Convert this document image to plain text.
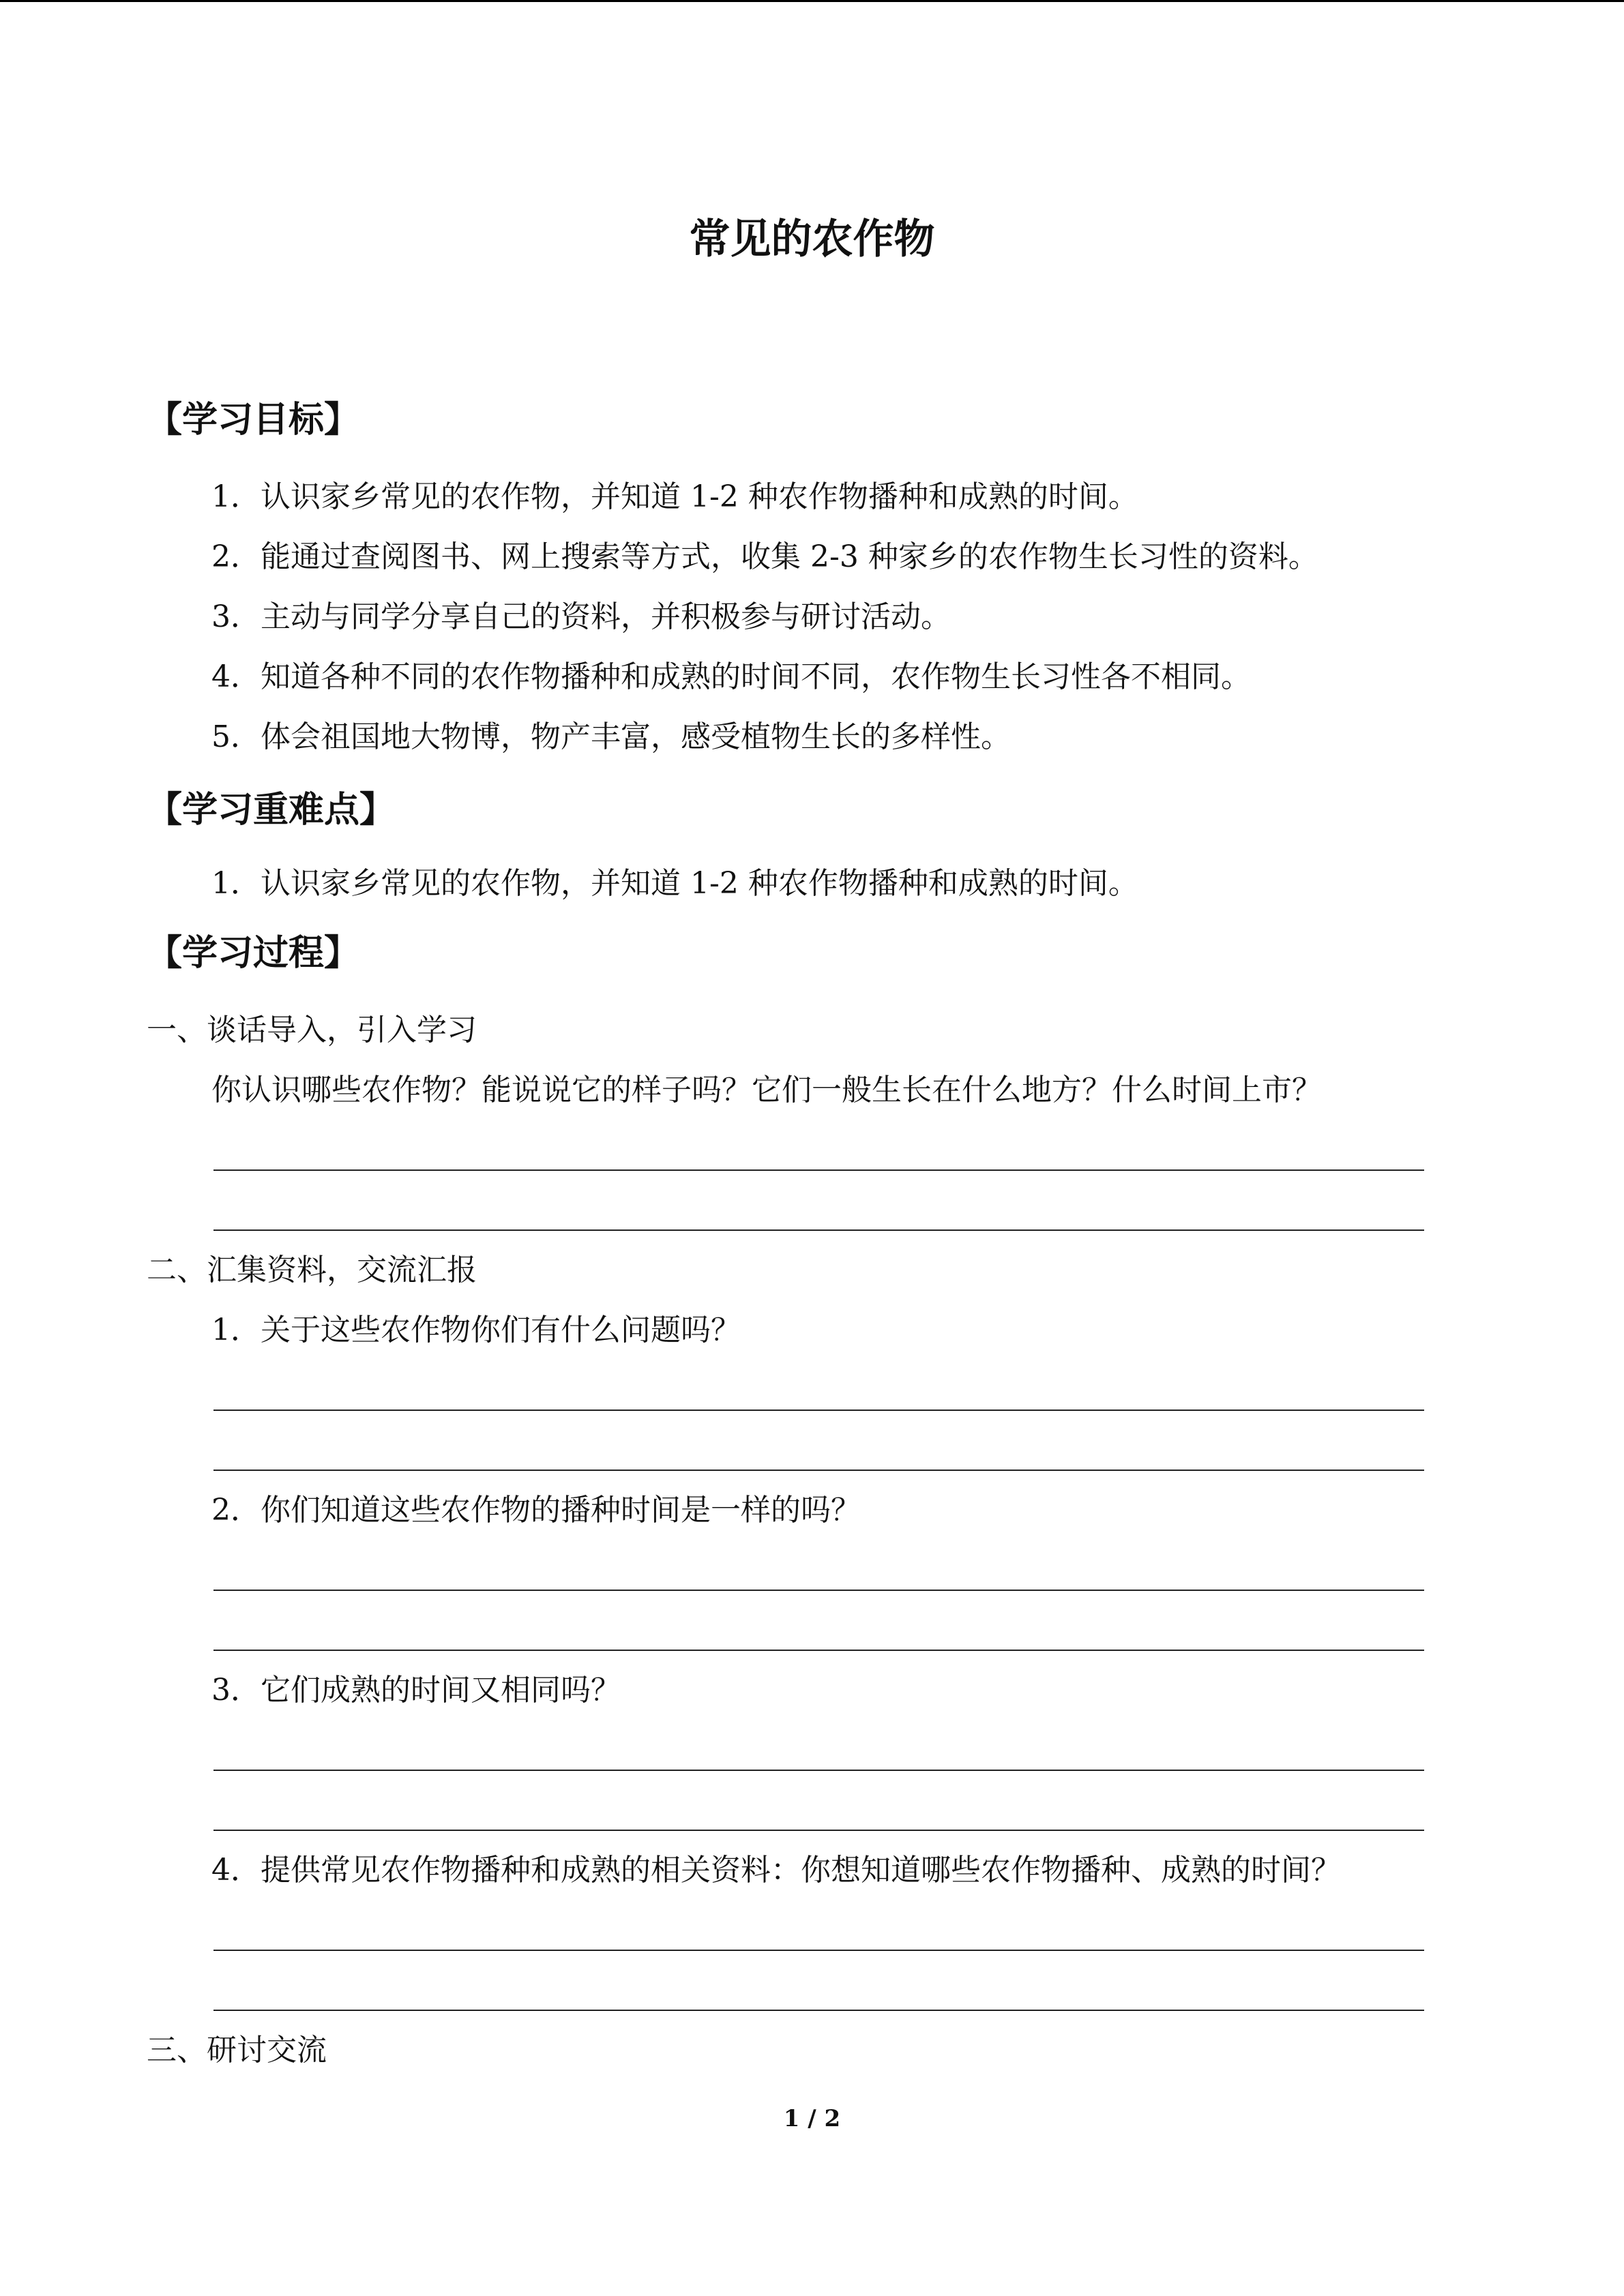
常见的农作物
【学习目标】
1．认识家乡常见的农作物，并知道 1-2 种农作物播种和成熟的时间。
2．能通过查阅图书、网上搜索等方式，收集 2-3 种家乡的农作物生长习性的资料。
3．主动与同学分享自己的资料，并积极参与研讨活动。
4．知道各种不同的农作物播种和成熟的时间不同，农作物生长习性各不相同。
5．体会祖国地大物博，物产丰富，感受植物生长的多样性。
【学习重难点】
1．认识家乡常见的农作物，并知道 1-2 种农作物播种和成熟的时间。
【学习过程】
一、谈话导入，引入学习
你认识哪些农作物？能说说它的样子吗？它们一般生长在什么地方？什么时间上市？
二、汇集资料，交流汇报
1．关于这些农作物你们有什么问题吗？
2．你们知道这些农作物的播种时间是一样的吗？
3．它们成熟的时间又相同吗？
4．提供常见农作物播种和成熟的相关资料：你想知道哪些农作物播种、成熟的时间？
三、研讨交流
1 / 2
